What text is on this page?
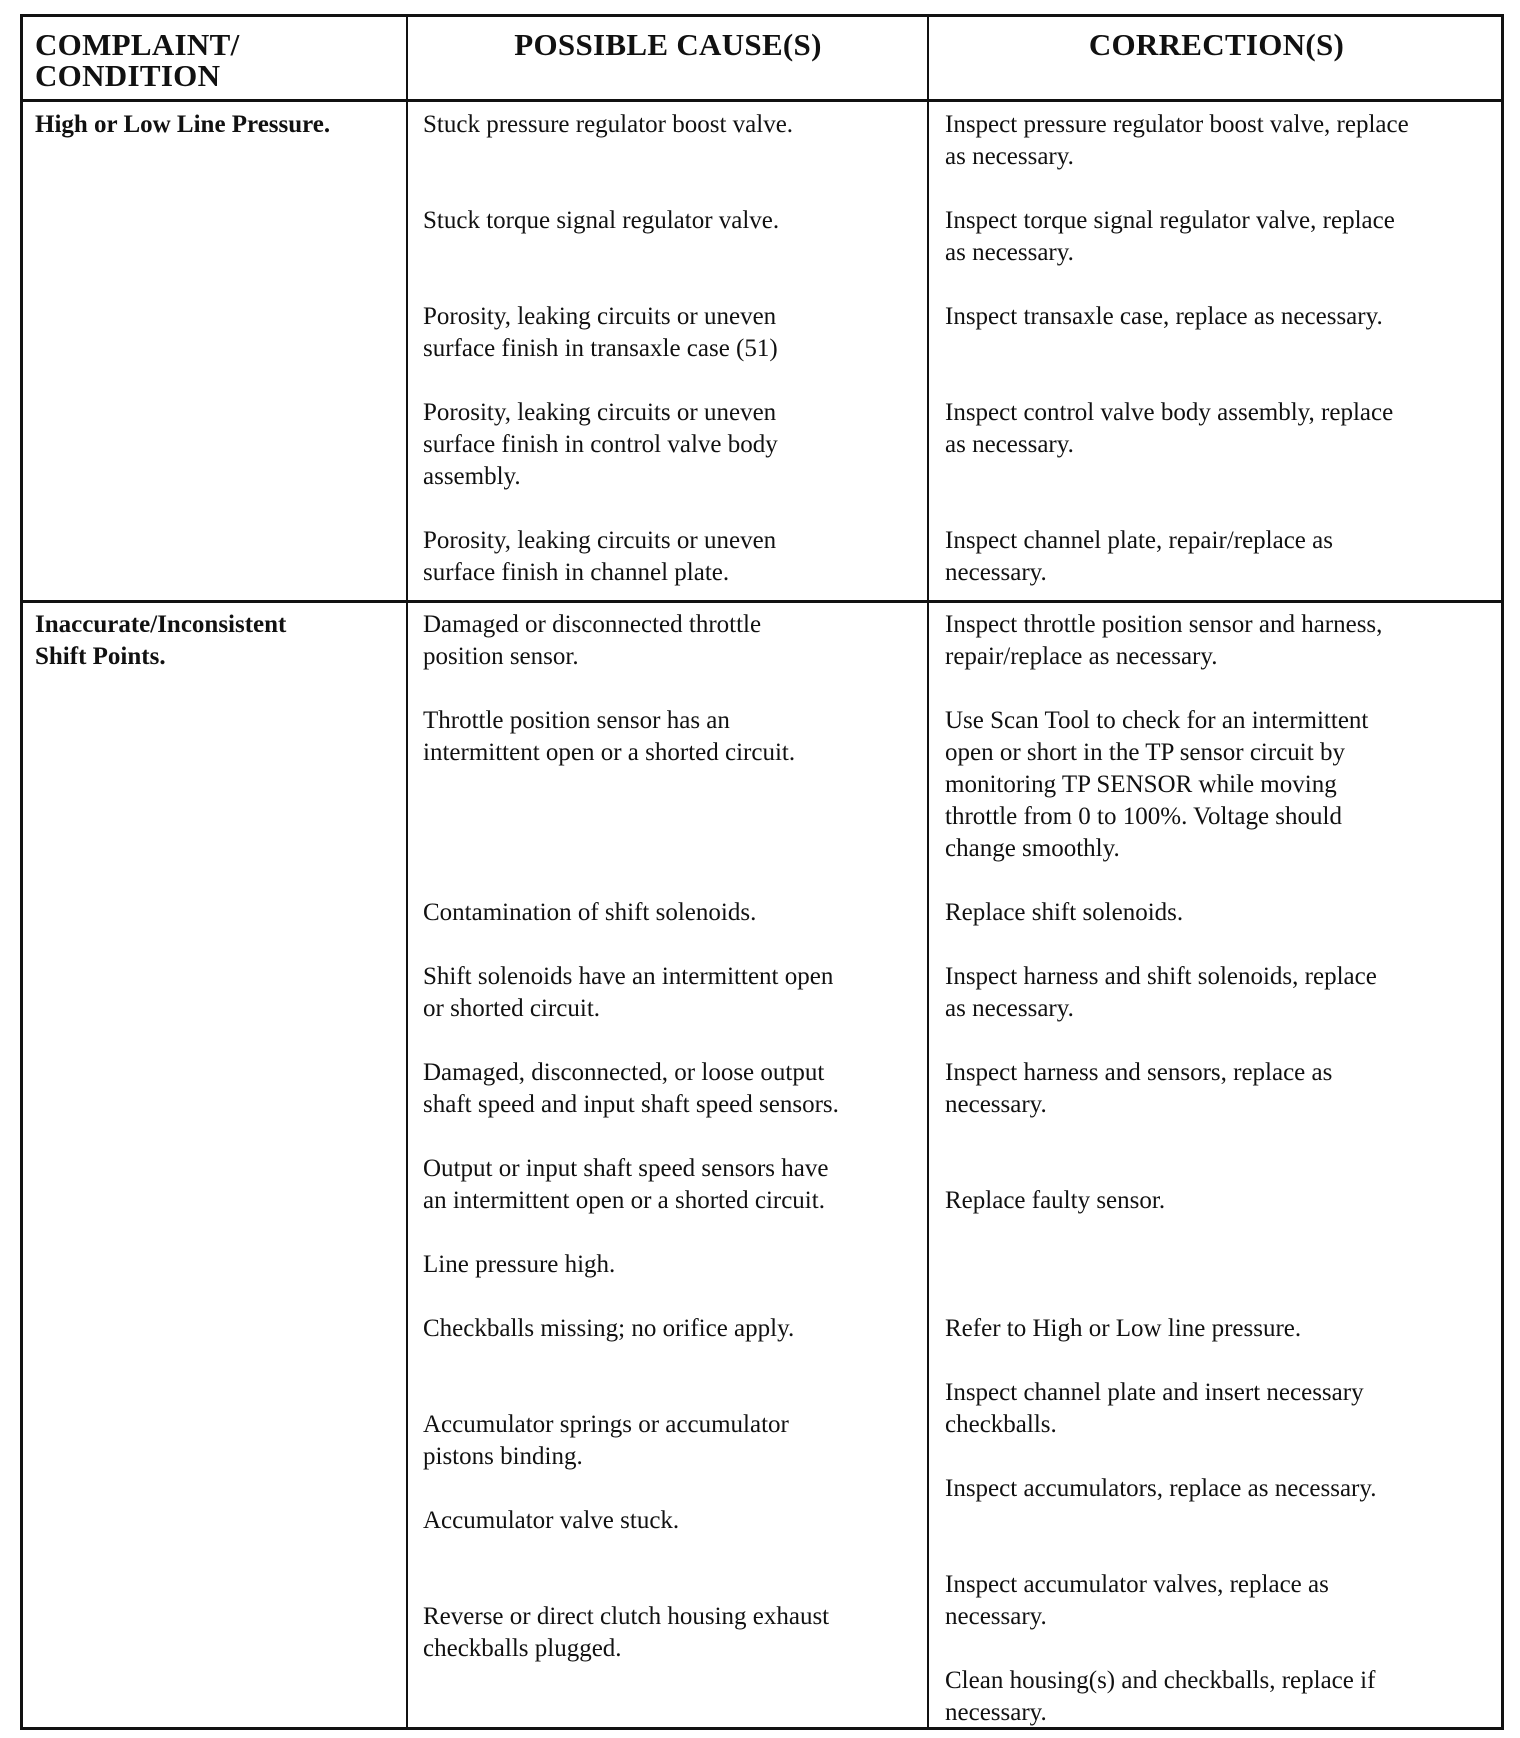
COMPLAINT/
CONDITION
POSSIBLE CAUSE(S)	CORRECTION(S)
High or Low Line Pressure.	Stuck pressure regulator boost valve.
Stuck torque signal regulator valve.
Porosity, leaking circuits or uneven
surface finish in transaxle case (51)
Porosity, leaking circuits or uneven
surface finish in control valve body
assembly.
Porosity, leaking circuits or uneven
surface finish in channel plate.
Inspect pressure regulator boost valve, replace
as necessary.
Inspect torque signal regulator valve, replace
as necessary.
Inspect transaxle case, replace as necessary.
Inspect control valve body assembly, replace
as necessary.
Inspect channel plate, repair/replace as
necessary.
Inaccurate/Inconsistent
Shift Points.
Damaged or disconnected throttle
position sensor.
Throttle position sensor has an
intermittent open or a shorted circuit.
Contamination of shift solenoids.
Shift solenoids have an intermittent open
or shorted circuit.
Damaged, disconnected, or loose output
shaft speed and input shaft speed sensors.
Output or input shaft speed sensors have
an intermittent open or a shorted circuit.
Line pressure high.
Checkballs missing; no orifice apply.
Accumulator springs or accumulator
pistons binding.
Accumulator valve stuck.
Reverse or direct clutch housing exhaust
checkballs plugged.
Inspect throttle position sensor and harness,
repair/replace as necessary.
Use Scan Tool to check for an intermittent
open or short in the TP sensor circuit by
monitoring TP SENSOR while moving
throttle from 0 to 100%. Voltage should
change smoothly.
Replace shift solenoids.
Inspect harness and shift solenoids, replace
as necessary.
Inspect harness and sensors, replace as
necessary.
Replace faulty sensor.
Refer to High or Low line pressure.
Inspect channel plate and insert necessary
checkballs.
Inspect accumulators, replace as necessary.
Inspect accumulator valves, replace as
necessary.
Clean housing(s) and checkballs, replace if
necessary.
